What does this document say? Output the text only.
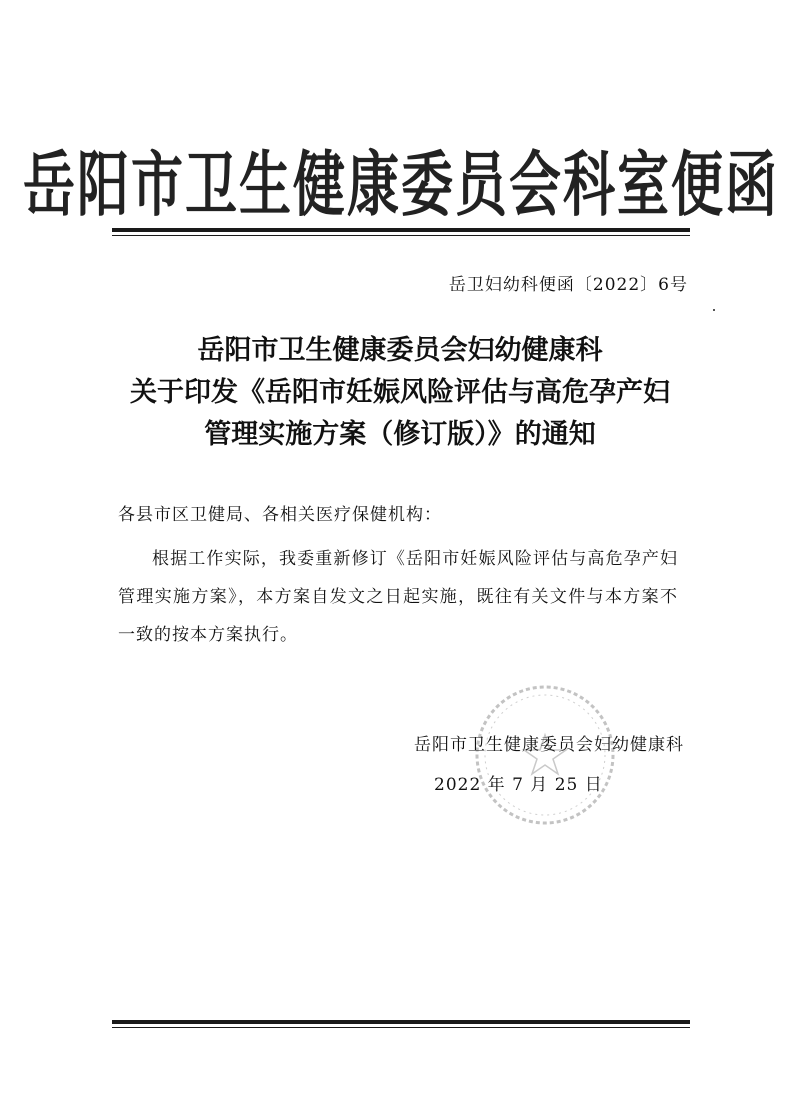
岳阳市卫生健康委员会科室便函
岳卫妇幼科便函〔2022〕6号
岳阳市卫生健康委员会妇幼健康科
关于印发《岳阳市妊娠风险评估与高危孕产妇
管理实施方案（修订版）》的通知
各县市区卫健局、各相关医疗保健机构：
根据工作实际，我委重新修订《岳阳市妊娠风险评估与高危孕产妇管理实施方案》，本方案自发文之日起实施，既往有关文件与本方案不一致的按本方案执行。
岳阳市卫生健康委员会妇幼健康科
2022 年 7 月 25 日
